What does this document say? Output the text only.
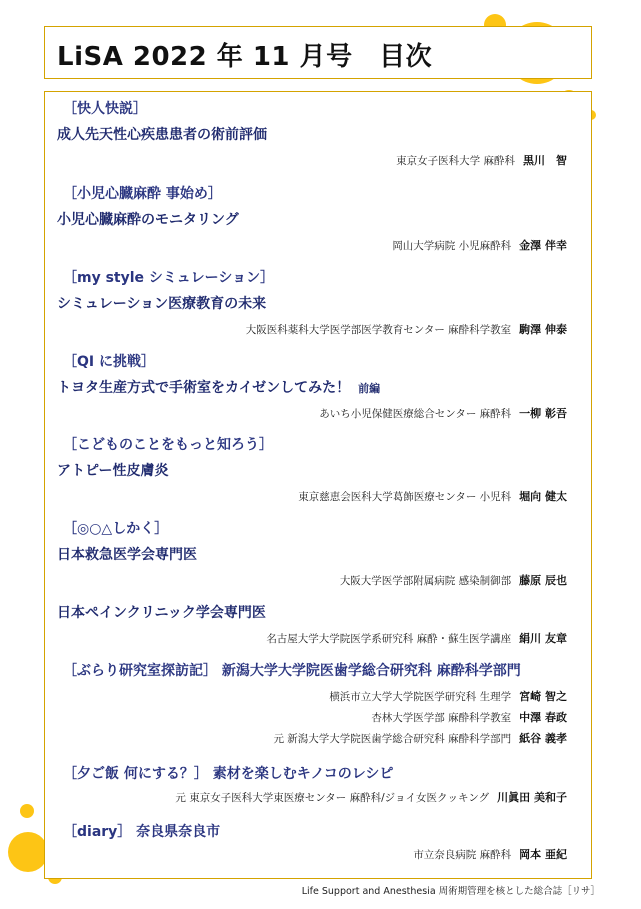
LiSA 2022 年 11 月号　目次
［快人快説］
成人先天性心疾患患者の術前評価
東京女子医科大学 麻酔科 黒川　智
［小児心臓麻酔 事始め］
小児心臓麻酔のモニタリング
岡山大学病院 小児麻酔科 金澤 伴幸
［my style シミュレーション］
シミュレーション医療教育の未来
大阪医科薬科大学医学部医学教育センター 麻酔科学教室 駒澤 伸泰
［QI に挑戦］
トヨタ生産方式で手術室をカイゼンしてみた！ 前編
あいち小児保健医療総合センター 麻酔科 一柳 彰吾
［こどものことをもっと知ろう］
アトピー性皮膚炎
東京慈恵会医科大学葛飾医療センター 小児科 堀向 健太
［◎○△しかく］
日本救急医学会専門医
大阪大学医学部附属病院 感染制御部 藤原 辰也
日本ペインクリニック学会専門医
名古屋大学大学院医学系研究科 麻酔・蘇生医学講座 絹川 友章
［ぶらり研究室探訪記］ 新潟大学大学院医歯学総合研究科 麻酔科学部門
横浜市立大学大学院医学研究科 生理学 宮崎 智之
杏林大学医学部 麻酔科学教室 中澤 春政
元 新潟大学大学院医歯学総合研究科 麻酔科学部門 紙谷 義孝
［夕ご飯 何にする？］ 素材を楽しむキノコのレシピ
元 東京女子医科大学東医療センター 麻酔科/ジョイ女医クッキング 川眞田 美和子
［diary］ 奈良県奈良市
市立奈良病院 麻酔科 岡本 亜紀
Life Support and Anesthesia 周術期管理を核とした総合誌［リサ］
